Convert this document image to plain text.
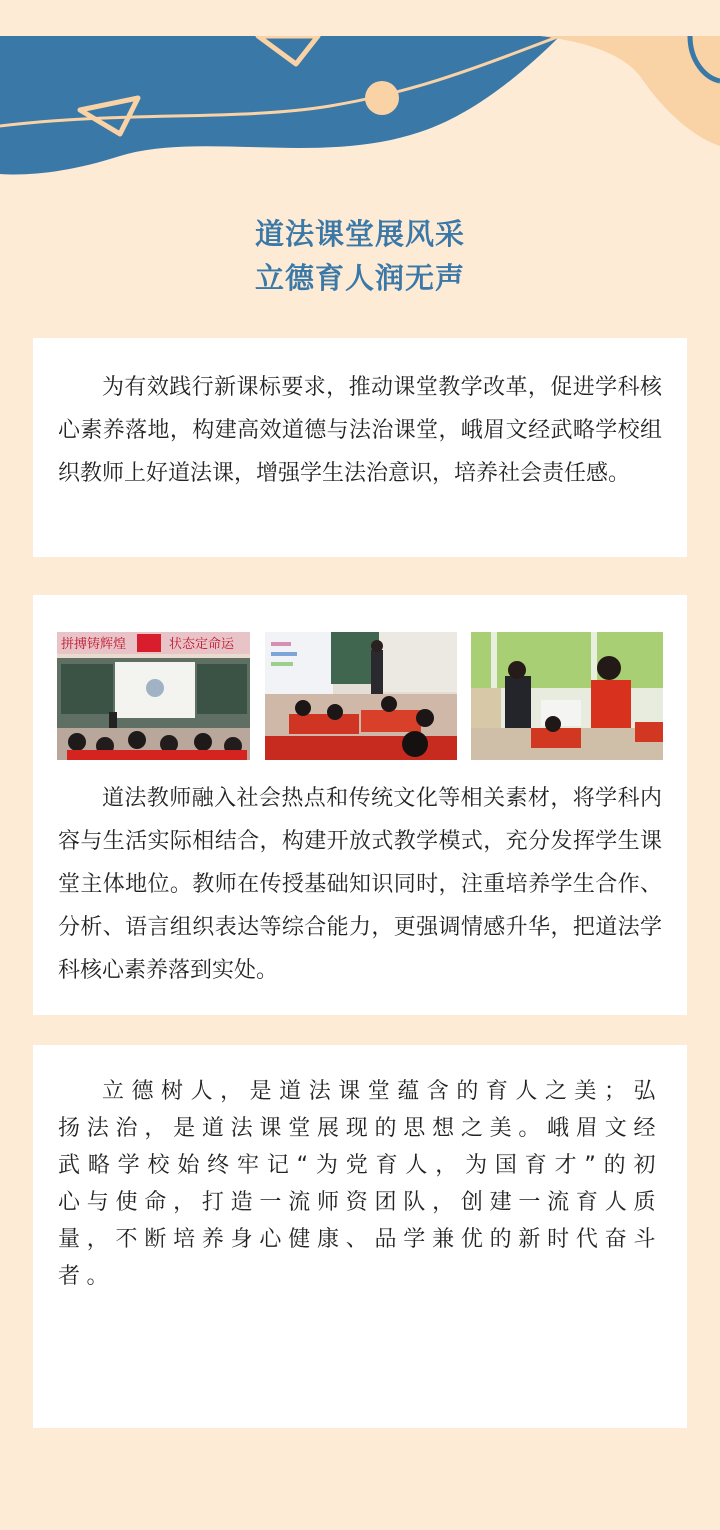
道法课堂展风采
立德育人润无声

为有效践行新课标要求，推动课堂教学改革，促进学科核心素养落地，构建高效道德与法治课堂，峨眉文经武略学校组织教师上好道法课，增强学生法治意识，培养社会责任感。

拼搏铸辉煌	状态定命运

道法教师融入社会热点和传统文化等相关素材，将学科内容与生活实际相结合，构建开放式教学模式，充分发挥学生课堂主体地位。教师在传授基础知识同时，注重培养学生合作、分析、语言组织表达等综合能力，更强调情感升华，把道法学科核心素养落到实处。

立德树人，是道法课堂蕴含的育人之美；弘扬法治，是道法课堂展现的思想之美。峨眉文经武略学校始终牢记“为党育人，为国育才”的初心与使命，打造一流师资团队，创建一流育人质量，不断培养身心健康、品学兼优的新时代奋斗者。
